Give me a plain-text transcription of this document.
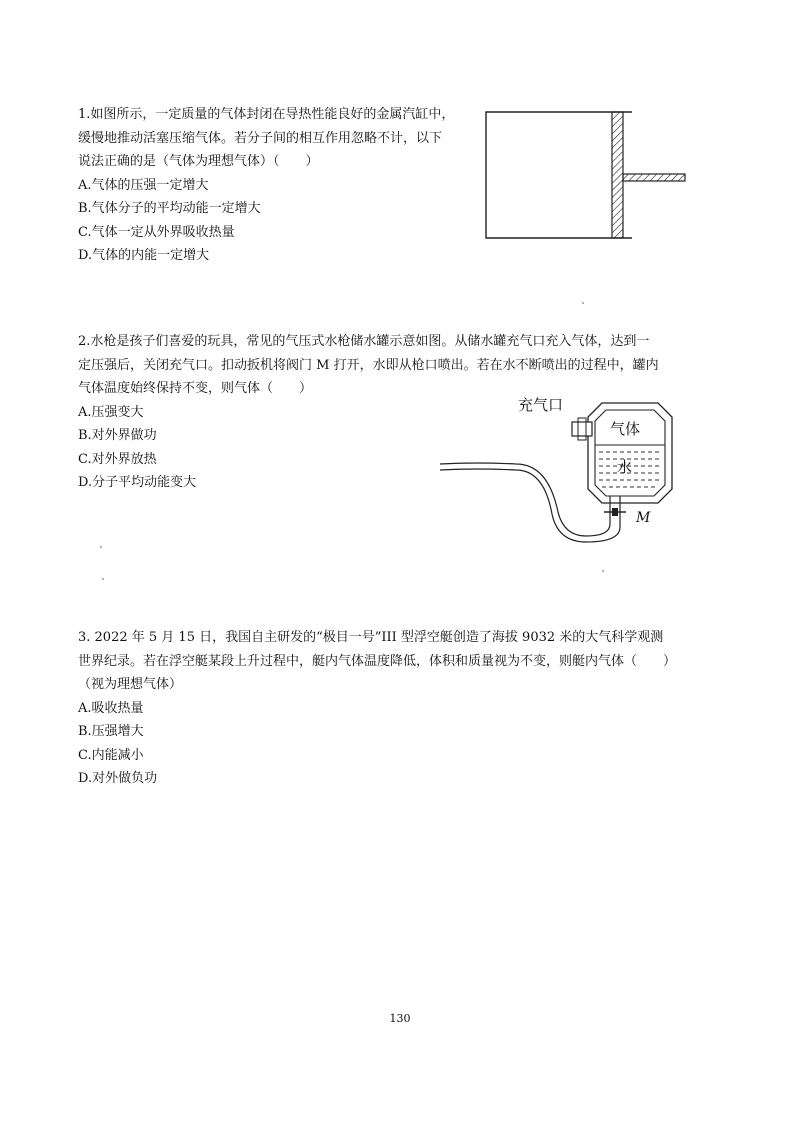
1.如图所示，一定质量的气体封闭在导热性能良好的金属汽缸中，
缓慢地推动活塞压缩气体。若分子间的相互作用忽略不计，以下
说法正确的是（气体为理想气体）（　　）
A.气体的压强一定增大
B.气体分子的平均动能一定增大
C.气体一定从外界吸收热量
D.气体的内能一定增大
2.水枪是孩子们喜爱的玩具，常见的气压式水枪储水罐示意如图。从储水罐充气口充入气体，达到一
定压强后，关闭充气口。扣动扳机将阀门 M 打开，水即从枪口喷出。若在水不断喷出的过程中，罐内
气体温度始终保持不变，则气体（　　）
A.压强变大
B.对外界做功
C.对外界放热
D.分子平均动能变大
充气口
气体
水
M
3. 2022 年 5 月 15 日，我国自主研发的“极目一号”III 型浮空艇创造了海拔 9032 米的大气科学观测
世界纪录。若在浮空艇某段上升过程中，艇内气体温度降低，体积和质量视为不变，则艇内气体（　　）
（视为理想气体）
A.吸收热量
B.压强增大
C.内能减小
D.对外做负功
130
